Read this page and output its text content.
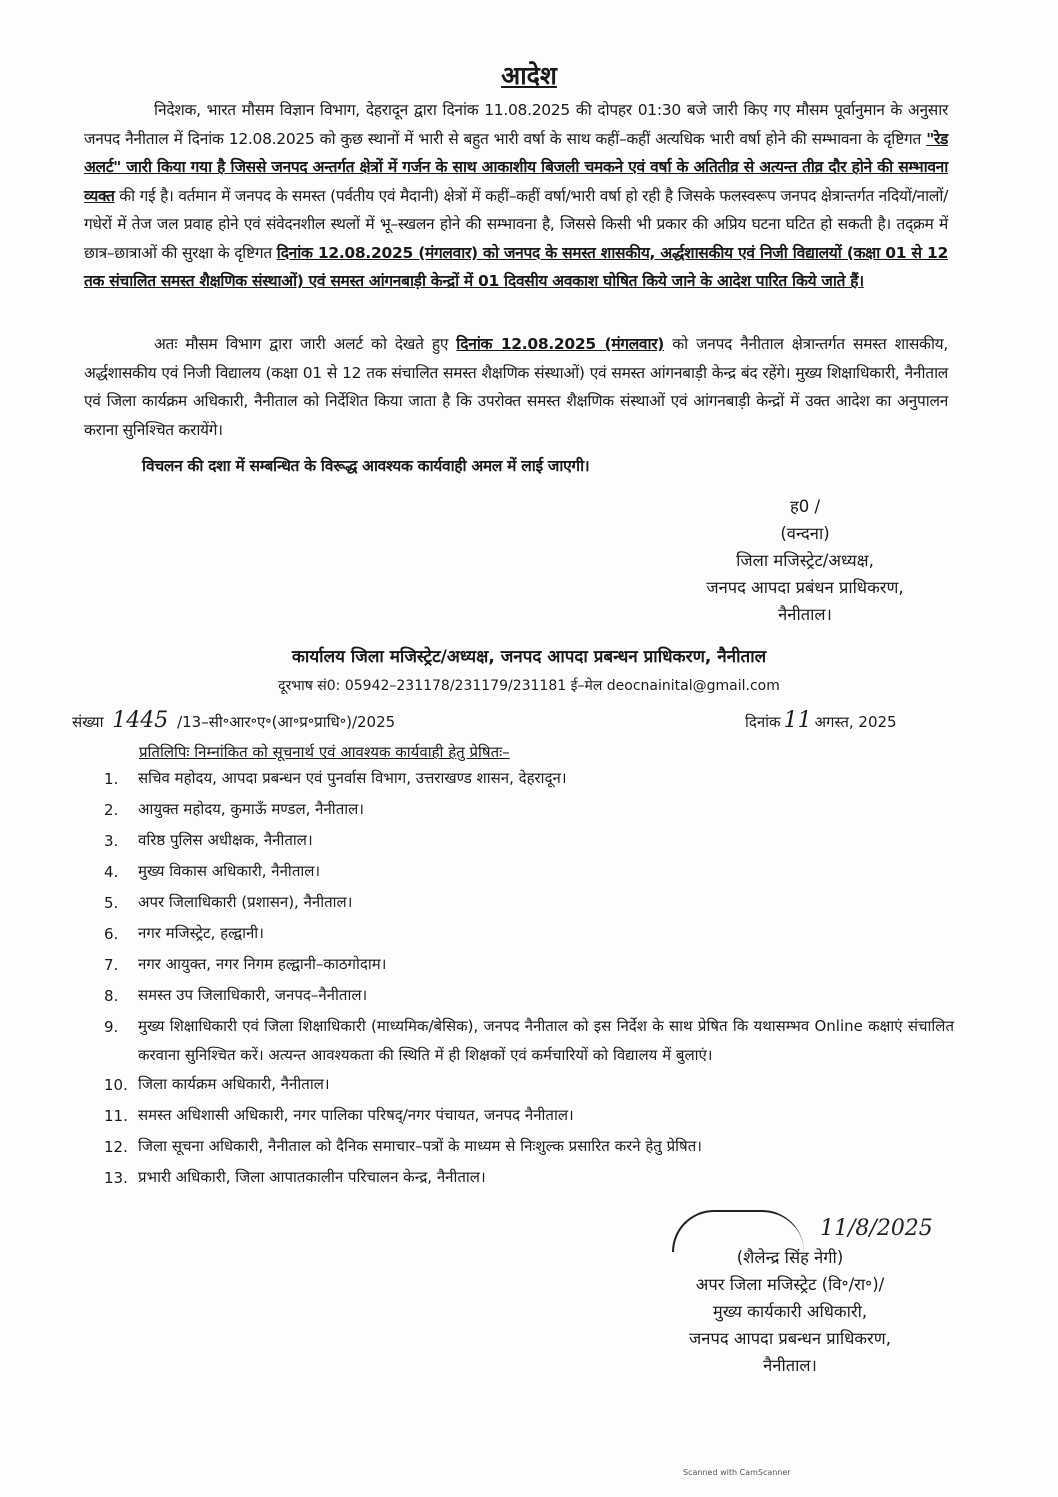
आदेश
निदेशक, भारत मौसम विज्ञान विभाग, देहरादून द्वारा दिनांक 11.08.2025 की दोपहर 01:30 बजे जारी किए गए मौसम पूर्वानुमान के अनुसार जनपद नैनीताल में दिनांक 12.08.2025 को कुछ स्थानों में भारी से बहुत भारी वर्षा के साथ कहीं–कहीं अत्यधिक भारी वर्षा होने की सम्भावना के दृष्टिगत "रेड अलर्ट" जारी किया गया है जिससे जनपद अन्तर्गत क्षेत्रों में गर्जन के साथ आकाशीय बिजली चमकने एवं वर्षा के अतितीव्र से अत्यन्त तीव्र दौर होने की सम्भावना व्यक्त की गई है। वर्तमान में जनपद के समस्त (पर्वतीय एवं मैदानी) क्षेत्रों में कहीं–कहीं वर्षा/भारी वर्षा हो रही है जिसके फलस्वरूप जनपद क्षेत्रान्तर्गत नदियों/नालों/गधेरों में तेज जल प्रवाह होने एवं संवेदनशील स्थलों में भू–स्खलन होने की सम्भावना है, जिससे किसी भी प्रकार की अप्रिय घटना घटित हो सकती है। तद्क्रम में छात्र–छात्राओं की सुरक्षा के दृष्टिगत दिनांक 12.08.2025 (मंगलवार) को जनपद के समस्त शासकीय, अर्द्धशासकीय एवं निजी विद्यालयों (कक्षा 01 से 12 तक संचालित समस्त शैक्षणिक संस्थाओं) एवं समस्त आंगनबाड़ी केन्द्रों में 01 दिवसीय अवकाश घोषित किये जाने के आदेश पारित किये जाते हैं।
अतः मौसम विभाग द्वारा जारी अलर्ट को देखते हुए दिनांक 12.08.2025 (मंगलवार) को जनपद नैनीताल क्षेत्रान्तर्गत समस्त शासकीय, अर्द्धशासकीय एवं निजी विद्यालय (कक्षा 01 से 12 तक संचालित समस्त शैक्षणिक संस्थाओं) एवं समस्त आंगनबाड़ी केन्द्र बंद रहेंगे। मुख्य शिक्षाधिकारी, नैनीताल एवं जिला कार्यक्रम अधिकारी, नैनीताल को निर्देशित किया जाता है कि उपरोक्त समस्त शैक्षणिक संस्थाओं एवं आंगनबाड़ी केन्द्रों में उक्त आदेश का अनुपालन कराना सुनिश्चित करायेंगे।
विचलन की दशा में सम्बन्धित के विरूद्ध आवश्यक कार्यवाही अमल में लाई जाएगी।
ह0 /
(वन्दना)
जिला मजिस्ट्रेट/अध्यक्ष,
जनपद आपदा प्रबंधन प्राधिकरण,
नैनीताल।
कार्यालय जिला मजिस्ट्रेट/अध्यक्ष, जनपद आपदा प्रबन्धन प्राधिकरण, नैनीताल
दूरभाष सं0: 05942–231178/231179/231181 ई–मेल deocnainital@gmail.com
संख्या 1445 /13–सी॰आर॰ए॰(आ॰प्र॰प्राधि॰)/2025	दिनांक 11 अगस्त, 2025
प्रतिलिपिः निम्नांकित को सूचनार्थ एवं आवश्यक कार्यवाही हेतु प्रेषितः–
1.	सचिव महोदय, आपदा प्रबन्धन एवं पुनर्वास विभाग, उत्तराखण्ड शासन, देहरादून।
2.	आयुक्त महोदय, कुमाऊँ मण्डल, नैनीताल।
3.	वरिष्ठ पुलिस अधीक्षक, नैनीताल।
4.	मुख्य विकास अधिकारी, नैनीताल।
5.	अपर जिलाधिकारी (प्रशासन), नैनीताल।
6.	नगर मजिस्ट्रेट, हल्द्वानी।
7.	नगर आयुक्त, नगर निगम हल्द्वानी–काठगोदाम।
8.	समस्त उप जिलाधिकारी, जनपद–नैनीताल।
9.	मुख्य शिक्षाधिकारी एवं जिला शिक्षाधिकारी (माध्यमिक/बेसिक), जनपद नैनीताल को इस निर्देश के साथ प्रेषित कि यथासम्भव Online कक्षाएं संचालित करवाना सुनिश्चित करें। अत्यन्त आवश्यकता की स्थिति में ही शिक्षकों एवं कर्मचारियों को विद्यालय में बुलाएं।
10. जिला कार्यक्रम अधिकारी, नैनीताल।
11. समस्त अधिशासी अधिकारी, नगर पालिका परिषद्/नगर पंचायत, जनपद नैनीताल।
12. जिला सूचना अधिकारी, नैनीताल को दैनिक समाचार–पत्रों के माध्यम से निःशुल्क प्रसारित करने हेतु प्रेषित।
13. प्रभारी अधिकारी, जिला आपातकालीन परिचालन केन्द्र, नैनीताल।
11/8/2025
(शैलेन्द्र सिंह नेगी)
अपर जिला मजिस्ट्रेट (वि॰/रा॰)/
मुख्य कार्यकारी अधिकारी,
जनपद आपदा प्रबन्धन प्राधिकरण,
नैनीताल।
Scanned with CamScanner
